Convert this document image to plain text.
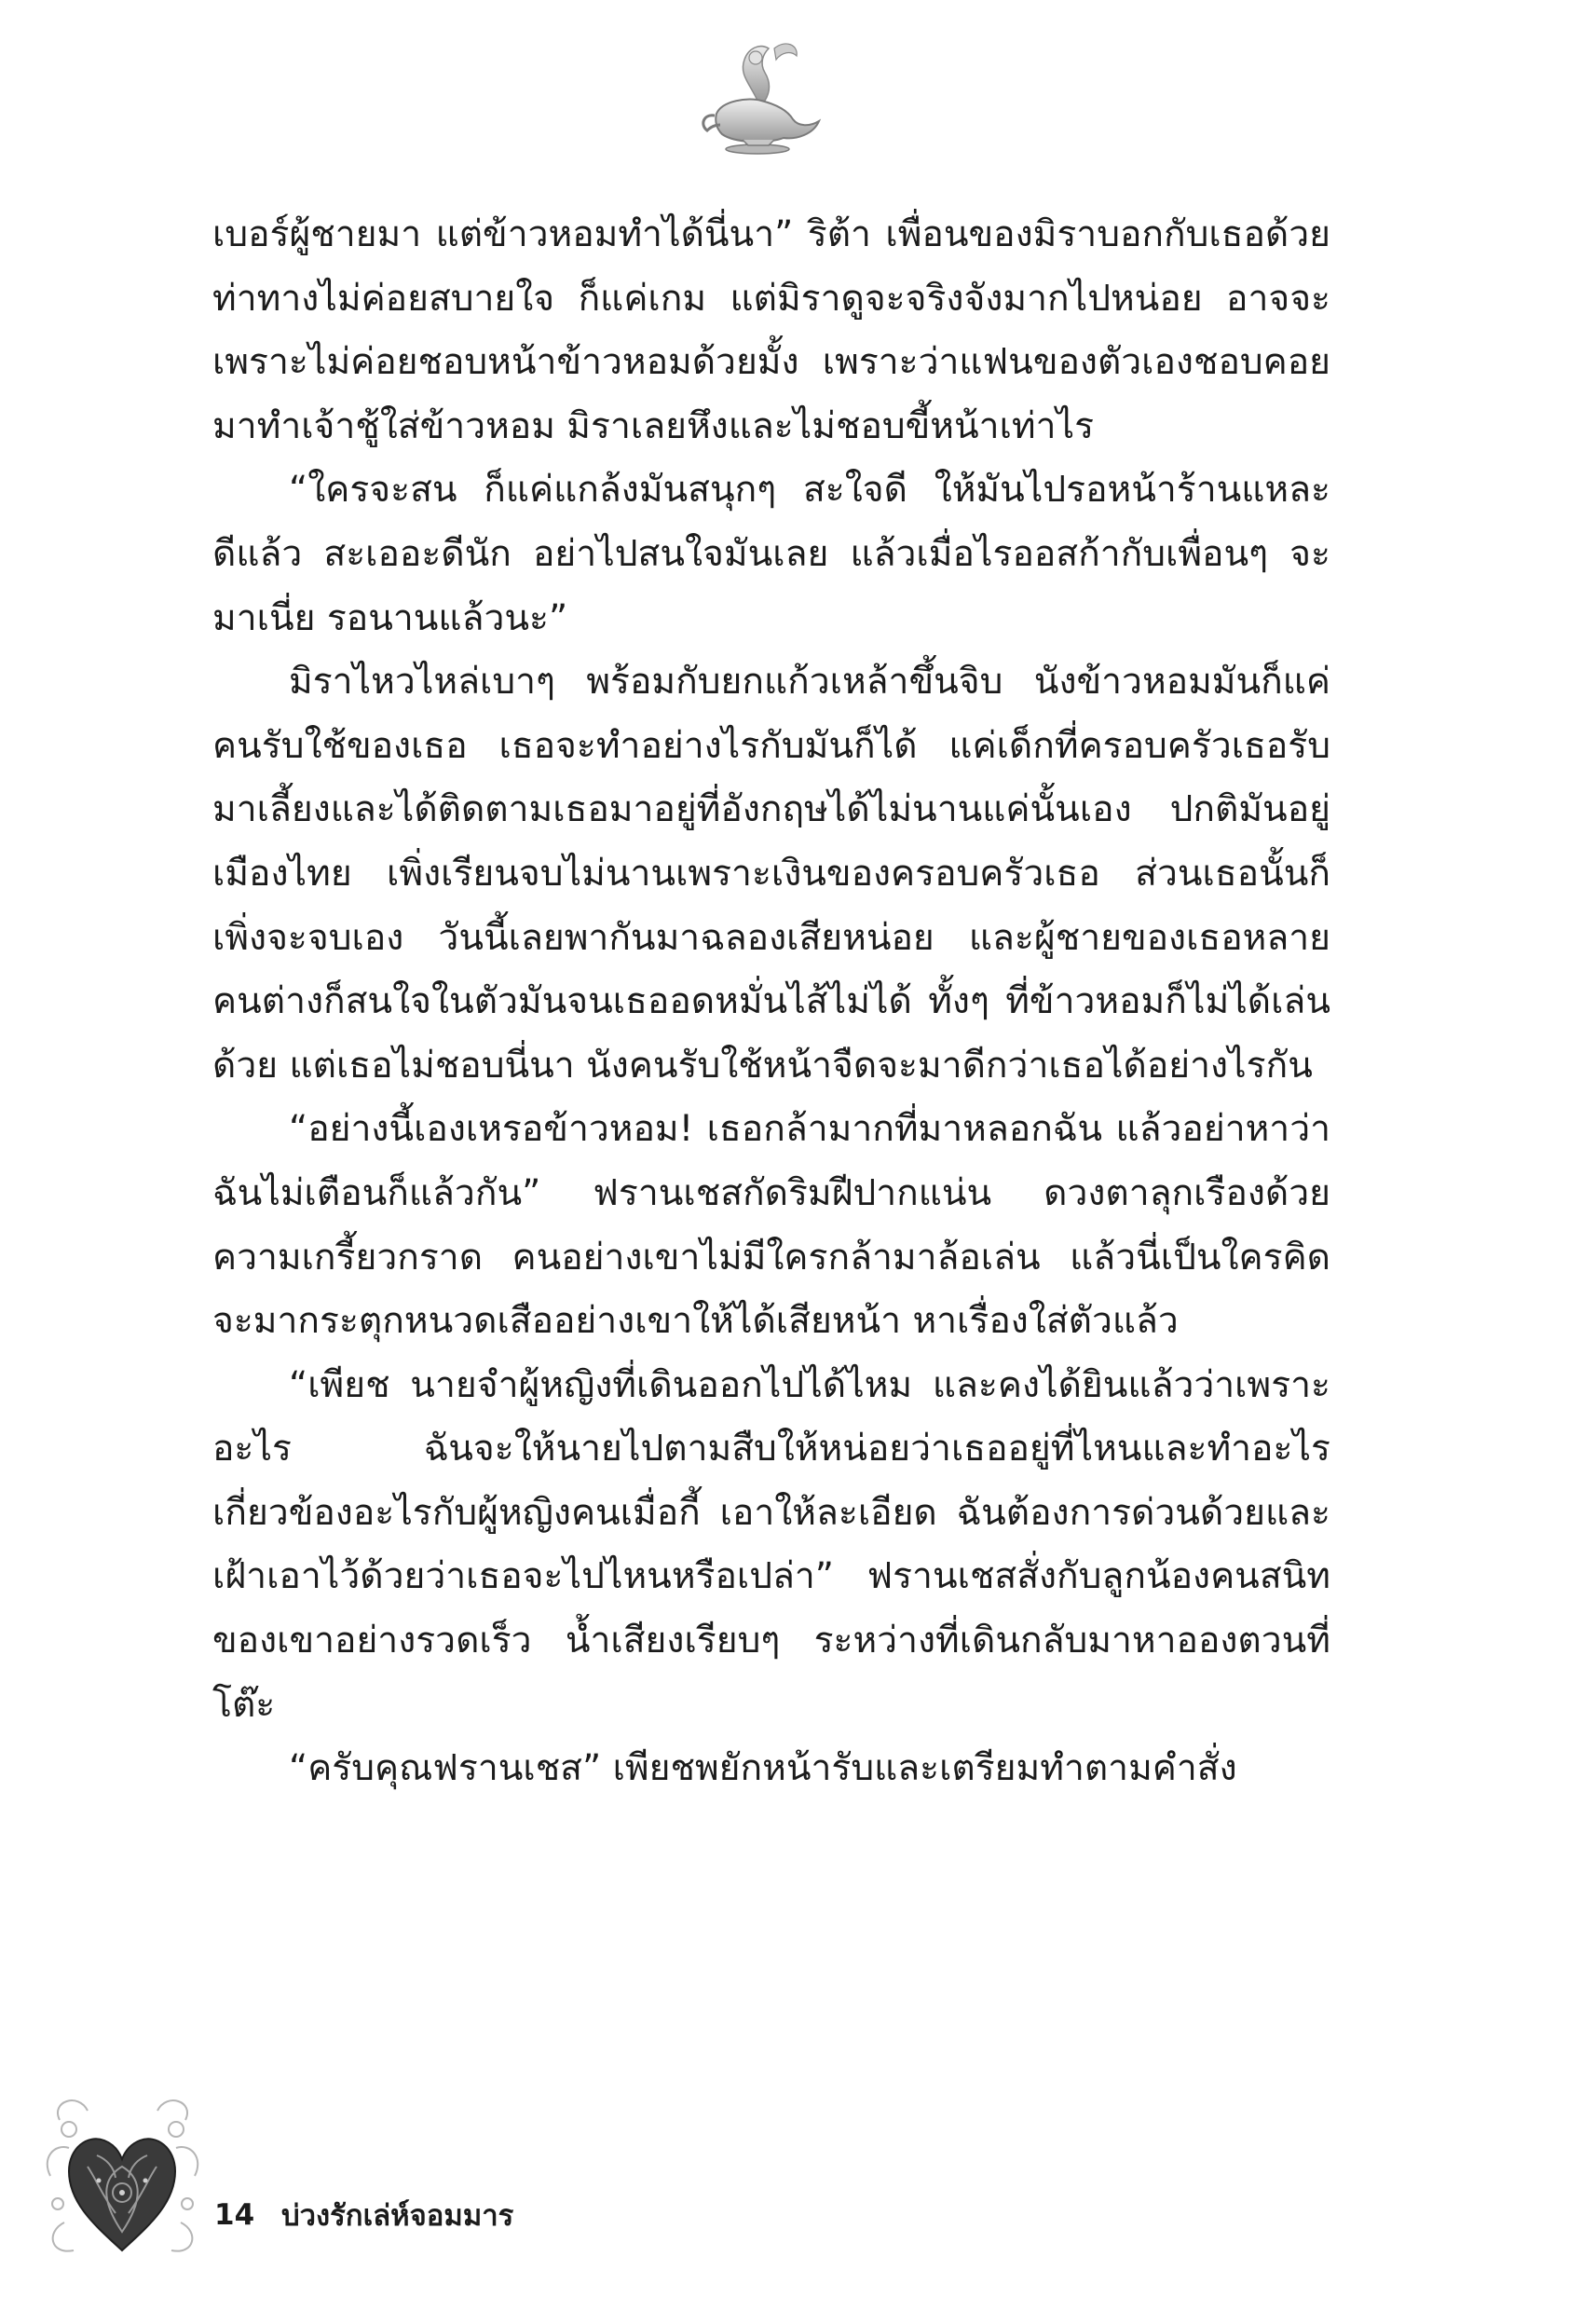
เบอร์ผู้ชายมา แต่ข้าวหอมทำได้นี่นา” ริต้า เพื่อนของมิราบอกกับเธอด้วยท่าทางไม่ค่อยสบายใจ ก็แค่เกม แต่มิราดูจะจริงจังมากไปหน่อย อาจจะเพราะไม่ค่อยชอบหน้าข้าวหอมด้วยมั้ง เพราะว่าแฟนของตัวเองชอบคอยมาทำเจ้าชู้ใส่ข้าวหอม มิราเลยหึงและไม่ชอบขี้หน้าเท่าไร

“ใครจะสน ก็แค่แกล้งมันสนุกๆ สะใจดี ให้มันไปรอหน้าร้านแหละดีแล้ว สะเออะดีนัก อย่าไปสนใจมันเลย แล้วเมื่อไรออสก้ากับเพื่อนๆ จะมาเนี่ย รอนานแล้วนะ”

มิราไหวไหล่เบาๆ พร้อมกับยกแก้วเหล้าขึ้นจิบ นังข้าวหอมมันก็แค่คนรับใช้ของเธอ เธอจะทำอย่างไรกับมันก็ได้ แค่เด็กที่ครอบครัวเธอรับมาเลี้ยงและได้ติดตามเธอมาอยู่ที่อังกฤษได้ไม่นานแค่นั้นเอง ปกติมันอยู่เมืองไทย เพิ่งเรียนจบไม่นานเพราะเงินของครอบครัวเธอ ส่วนเธอนั้นก็เพิ่งจะจบเอง วันนี้เลยพากันมาฉลองเสียหน่อย และผู้ชายของเธอหลายคนต่างก็สนใจในตัวมันจนเธออดหมั่นไส้ไม่ได้ ทั้งๆ ที่ข้าวหอมก็ไม่ได้เล่นด้วย แต่เธอไม่ชอบนี่นา นังคนรับใช้หน้าจืดจะมาดีกว่าเธอได้อย่างไรกัน

“อย่างนี้เองเหรอข้าวหอม! เธอกล้ามากที่มาหลอกฉัน แล้วอย่าหาว่าฉันไม่เตือนก็แล้วกัน” ฟรานเชสกัดริมฝีปากแน่น ดวงตาลุกเรืองด้วยความเกรี้ยวกราด คนอย่างเขาไม่มีใครกล้ามาล้อเล่น แล้วนี่เป็นใครคิดจะมากระตุกหนวดเสืออย่างเขาให้ได้เสียหน้า หาเรื่องใส่ตัวแล้ว

“เพียช นายจำผู้หญิงที่เดินออกไปได้ไหม และคงได้ยินแล้วว่าเพราะอะไร ฉันจะให้นายไปตามสืบให้หน่อยว่าเธออยู่ที่ไหนและทำอะไรเกี่ยวข้องอะไรกับผู้หญิงคนเมื่อกี้ เอาให้ละเอียด ฉันต้องการด่วนด้วยและเฝ้าเอาไว้ด้วยว่าเธอจะไปไหนหรือเปล่า” ฟรานเชสสั่งกับลูกน้องคนสนิทของเขาอย่างรวดเร็ว น้ำเสียงเรียบๆ ระหว่างที่เดินกลับมาหาอองตวนที่โต๊ะ

“ครับคุณฟรานเชส” เพียชพยักหน้ารับและเตรียมทำตามคำสั่ง

14 บ่วงรักเล่ห์จอมมาร
